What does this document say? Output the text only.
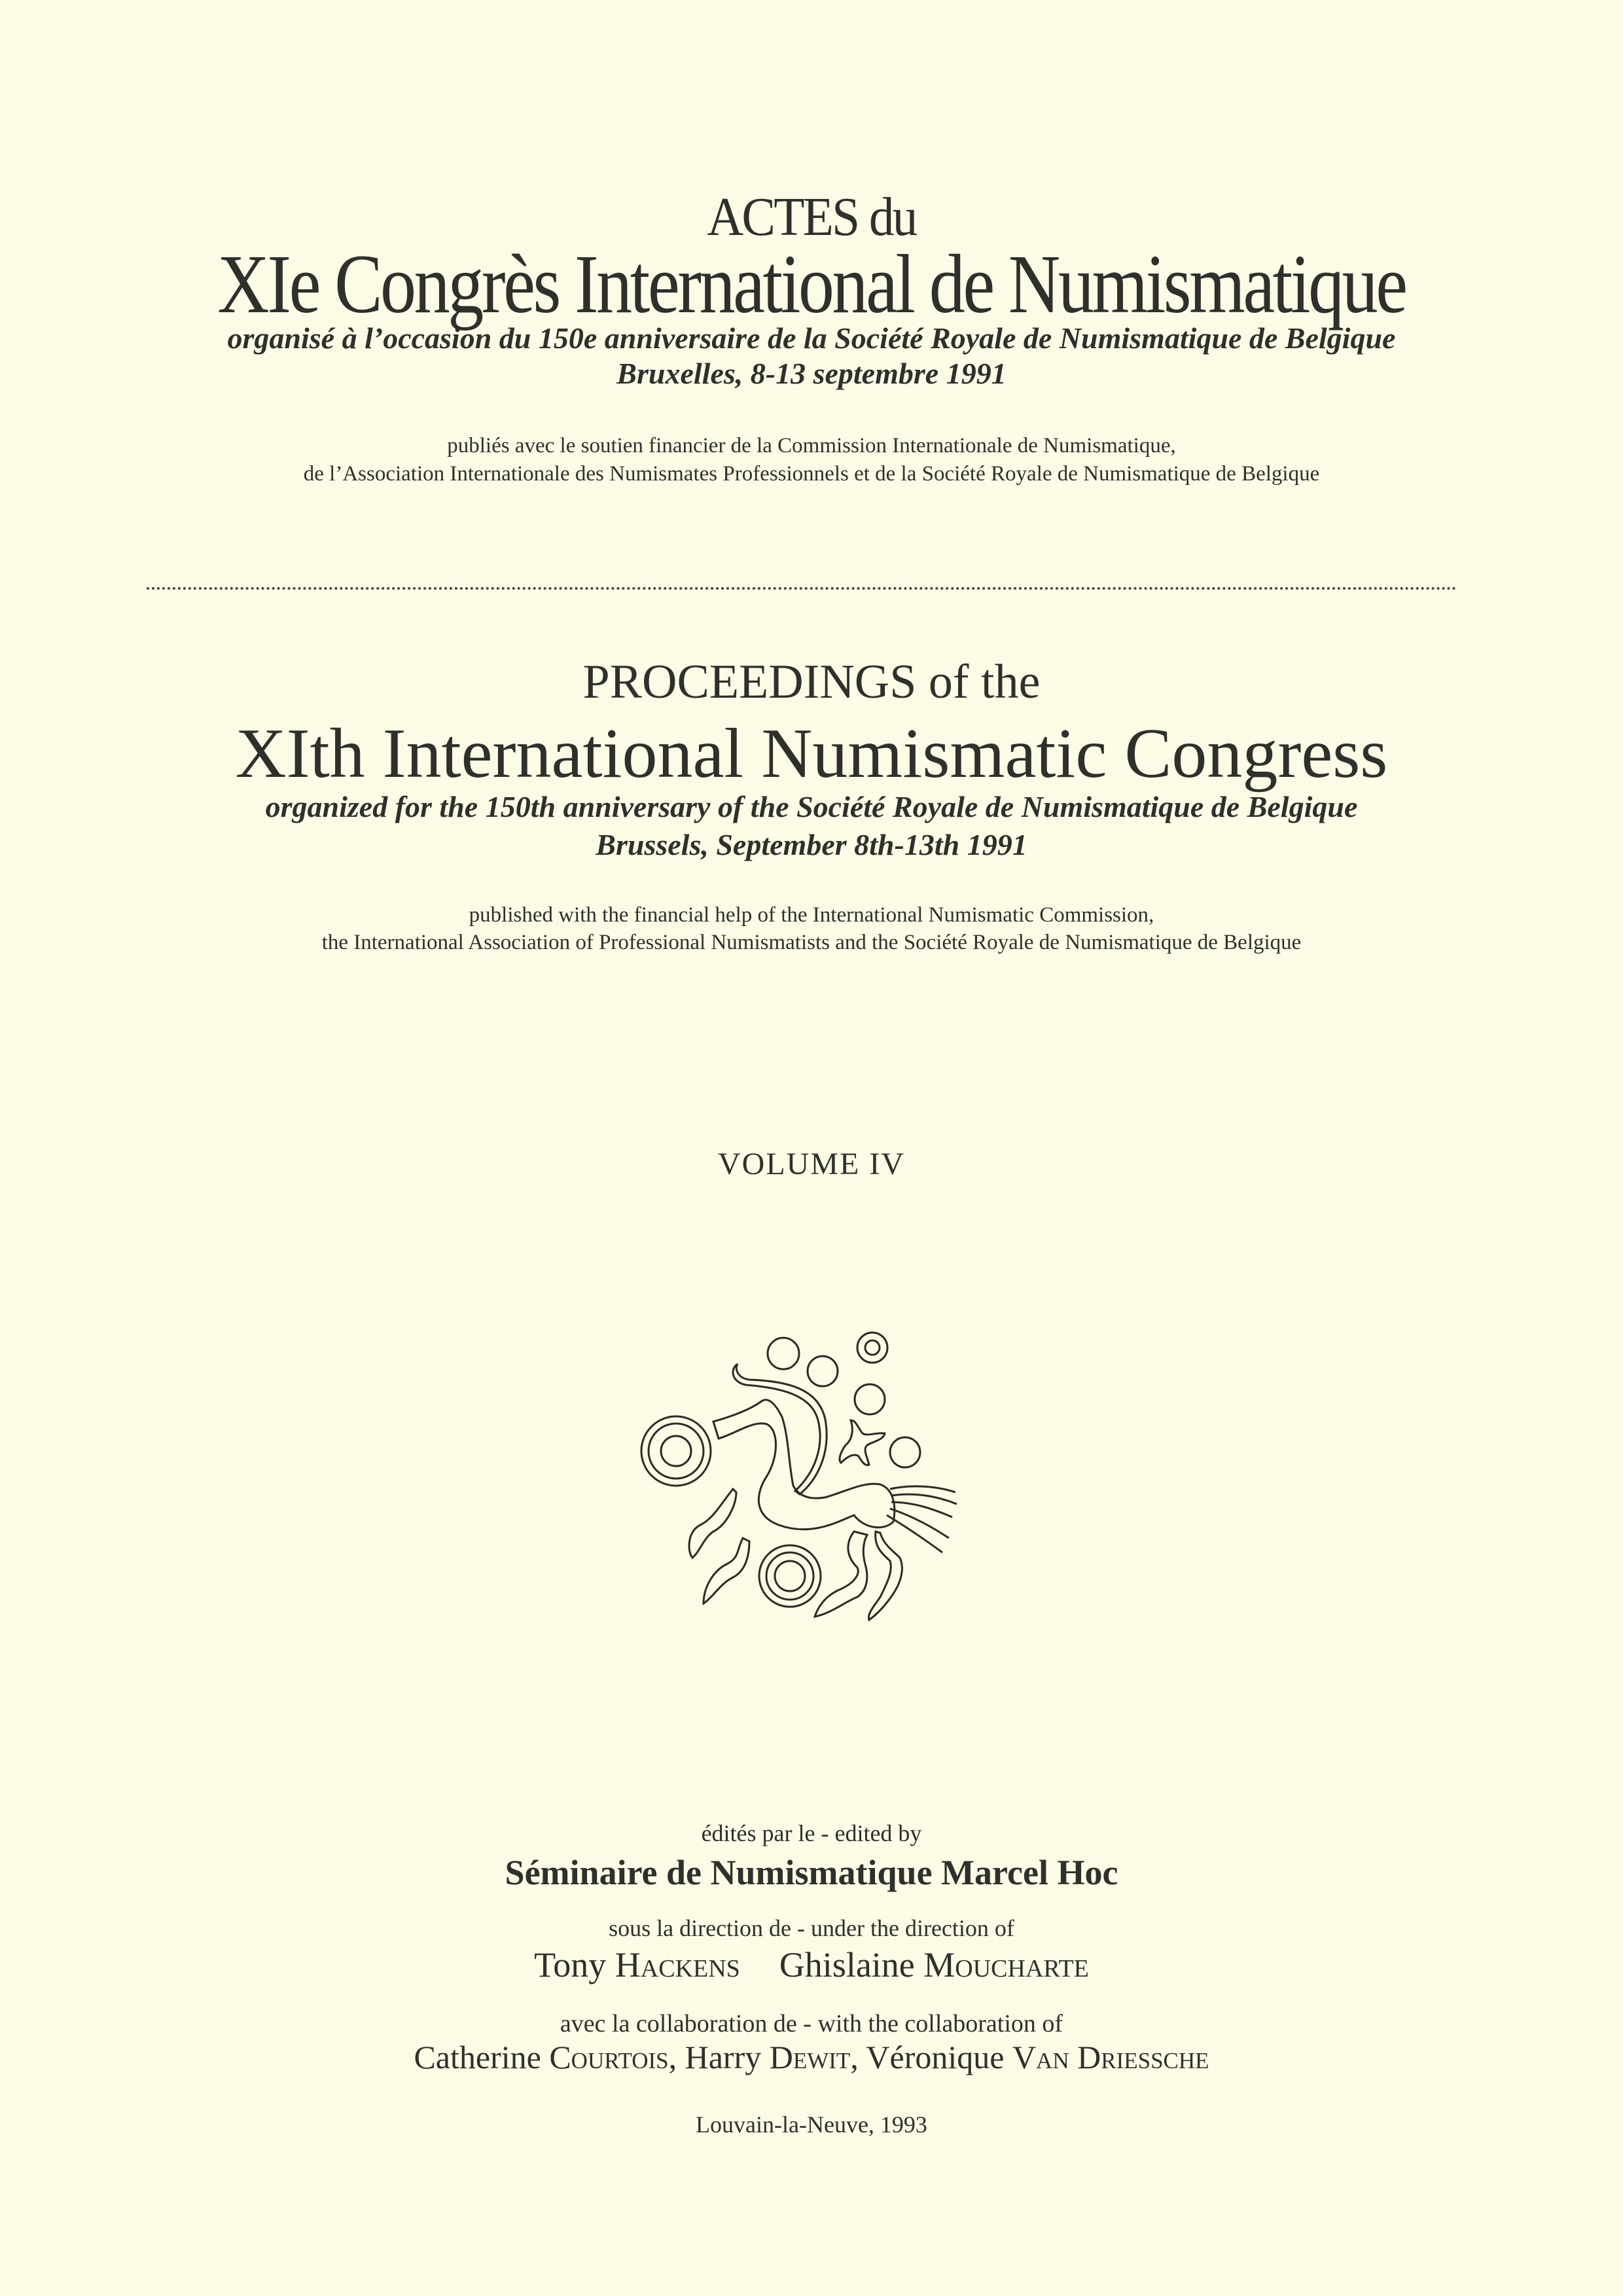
ACTES du
XIe Congrès International de Numismatique
organisé à l’occasion du 150e anniversaire de la Société Royale de Numismatique de Belgique
Bruxelles, 8-13 septembre 1991
publiés avec le soutien financier de la Commission Internationale de Numismatique,
de l’Association Internationale des Numismates Professionnels et de la Société Royale de Numismatique de Belgique
PROCEEDINGS of the
XIth International Numismatic Congress
organized for the 150th anniversary of the Société Royale de Numismatique de Belgique
Brussels, September 8th-13th 1991
published with the financial help of the International Numismatic Commission,
the International Association of Professional Numismatists and the Société Royale de Numismatique de Belgique
VOLUME IV
édités par le - edited by
Séminaire de Numismatique Marcel Hoc
sous la direction de - under the direction of
Tony Hackens Ghislaine Moucharte
avec la collaboration de - with the collaboration of
Catherine Courtois, Harry Dewit, Véronique Van Driessche
Louvain-la-Neuve, 1993
